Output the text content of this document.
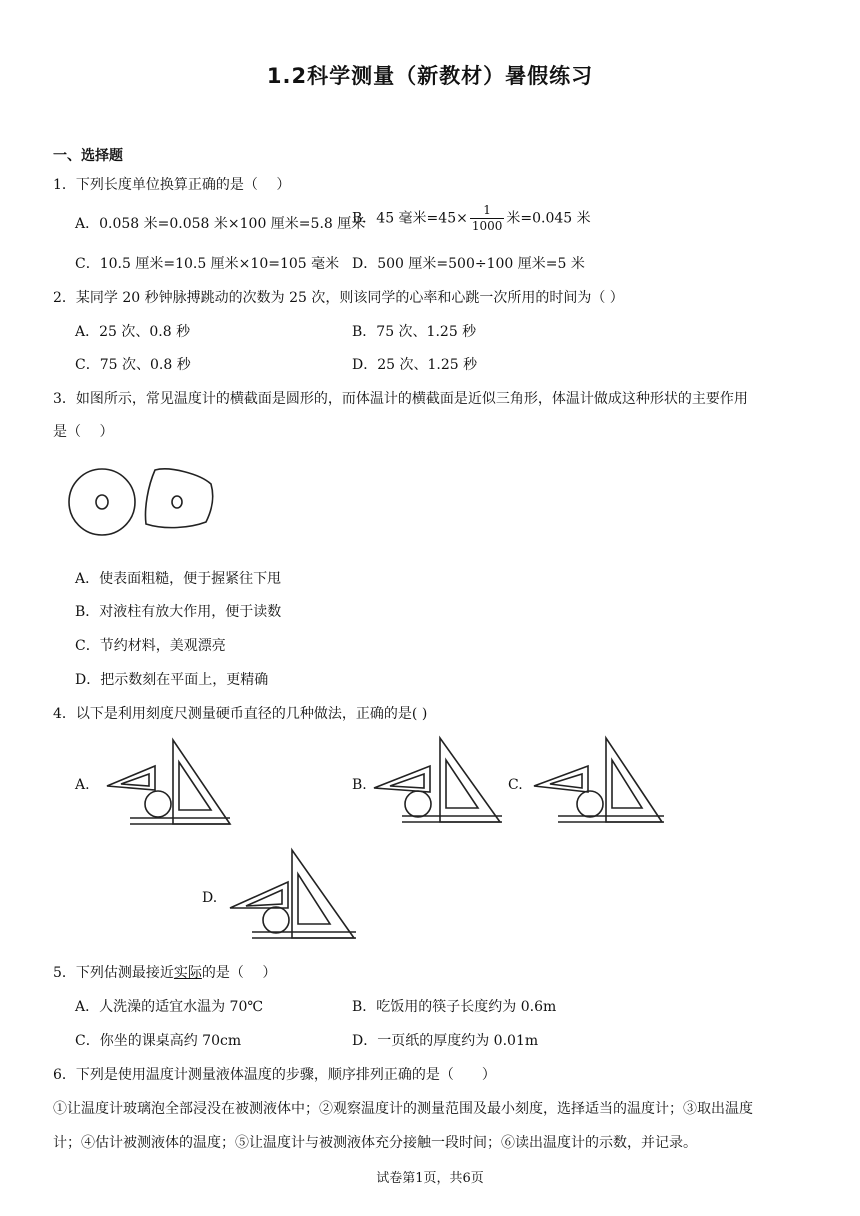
1.2科学测量（新教材）暑假练习
一、选择题
1．下列长度单位换算正确的是（　 ）
A．0.058 米=0.058 米×100 厘米=5.8 厘米
B．45 毫米$=45\times \frac{1}{1000}$ 米=0.045 米
C．10.5 厘米=10.5 厘米×10=105 毫米 D．500 厘米=500÷100 厘米=5 米
2．某同学 20 秒钟脉搏跳动的次数为 25 次，则该同学的心率和心跳一次所用的时间为（ ）
A．25 次、0.8 秒	B．75 次、1.25 秒
C．75 次、0.8 秒	D．25 次、1.25 秒
3．如图所示，常见温度计的横截面是圆形的，而体温计的横截面是近似三角形，体温计做成这种形状的主要作用
是（　 ）
A．使表面粗糙，便于握紧往下甩
B．对液柱有放大作用，便于读数
C．节约材料，美观漂亮
D．把示数刻在平面上，更精确
4．以下是利用刻度尺测量硬币直径的几种做法，正确的是( )
A.	B.	C.
D.
5．下列估测最接近实际的是（　 ）
A．人洗澡的适宜水温为 70℃	B．吃饭用的筷子长度约为 0.6m
C．你坐的课桌高约 70cm	D．一页纸的厚度约为 0.01m
6．下列是使用温度计测量液体温度的步骤，顺序排列正确的是（　　）
①让温度计玻璃泡全部浸没在被测液体中；②观察温度计的测量范围及最小刻度，选择适当的温度计；③取出温度
计；④估计被测液体的温度；⑤让温度计与被测液体充分接触一段时间；⑥读出温度计的示数，并记录。
试卷第1页，共6页
